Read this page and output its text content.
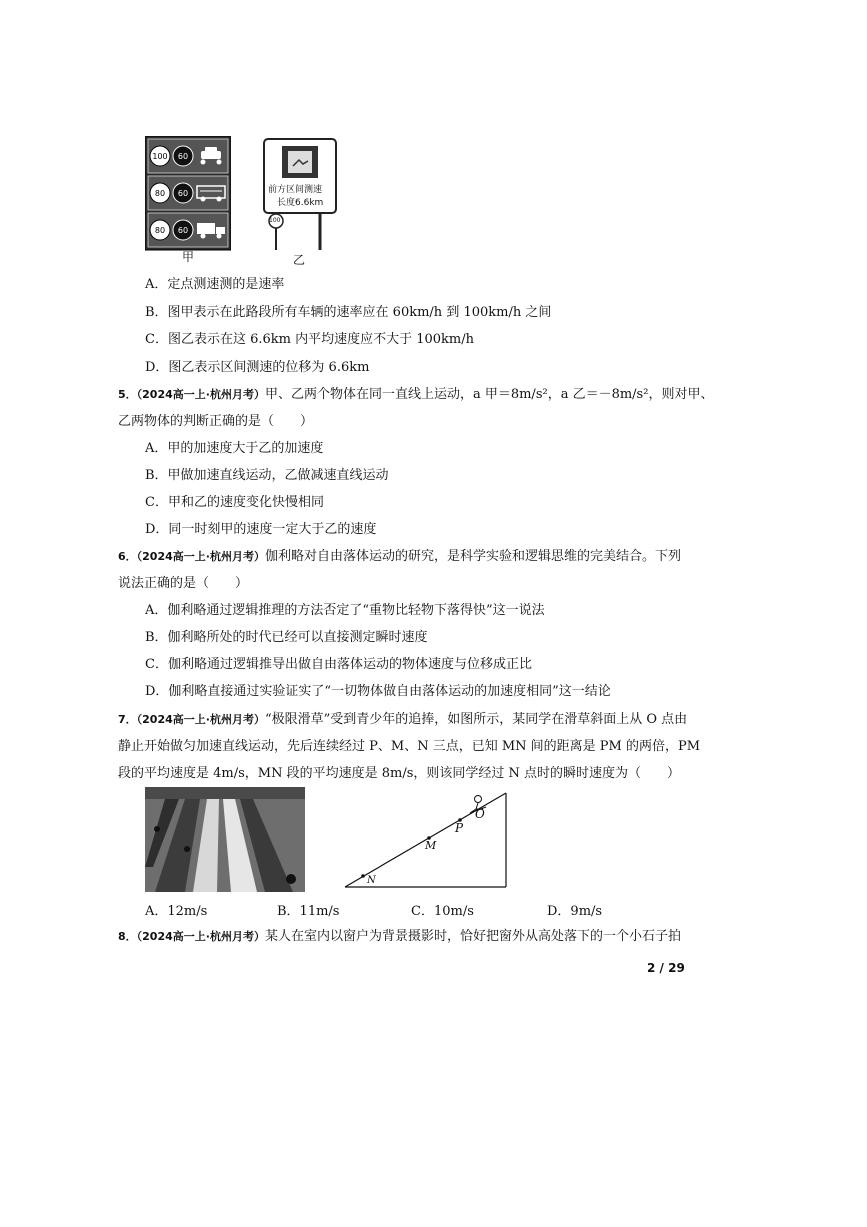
100 60
80 60
80 60
甲
前方区间测速
长度6.6km
100
乙
A．定点测速测的是速率
B．图甲表示在此路段所有车辆的速率应在 60km/h 到 100km/h 之间
C．图乙表示在这 6.6km 内平均速度应不大于 100km/h
D．图乙表示区间测速的位移为 6.6km
5．（2024高一上·杭州月考）甲、乙两个物体在同一直线上运动，a 甲＝8m/s²，a 乙＝－8m/s²，则对甲、
乙两物体的判断正确的是（　　）
A．甲的加速度大于乙的加速度
B．甲做加速直线运动，乙做减速直线运动
C．甲和乙的速度变化快慢相同
D．同一时刻甲的速度一定大于乙的速度
6．（2024高一上·杭州月考）伽利略对自由落体运动的研究，是科学实验和逻辑思维的完美结合。下列
说法正确的是（　　）
A．伽利略通过逻辑推理的方法否定了“重物比轻物下落得快”这一说法
B．伽利略所处的时代已经可以直接测定瞬时速度
C．伽利略通过逻辑推导出做自由落体运动的物体速度与位移成正比
D．伽利略直接通过实验证实了“一切物体做自由落体运动的加速度相同”这一结论
7．（2024高一上·杭州月考）“极限滑草”受到青少年的追捧，如图所示，某同学在滑草斜面上从 O 点由
静止开始做匀加速直线运动，先后连续经过 P、M、N 三点，已知 MN 间的距离是 PM 的两倍，PM
段的平均速度是 4m/s，MN 段的平均速度是 8m/s，则该同学经过 N 点时的瞬时速度为（　　）
O
P
M
N
A．12m/s	B．11m/s	C．10m/s	D．9m/s
8．（2024高一上·杭州月考）某人在室内以窗户为背景摄影时，恰好把窗外从高处落下的一个小石子拍
2 / 29
